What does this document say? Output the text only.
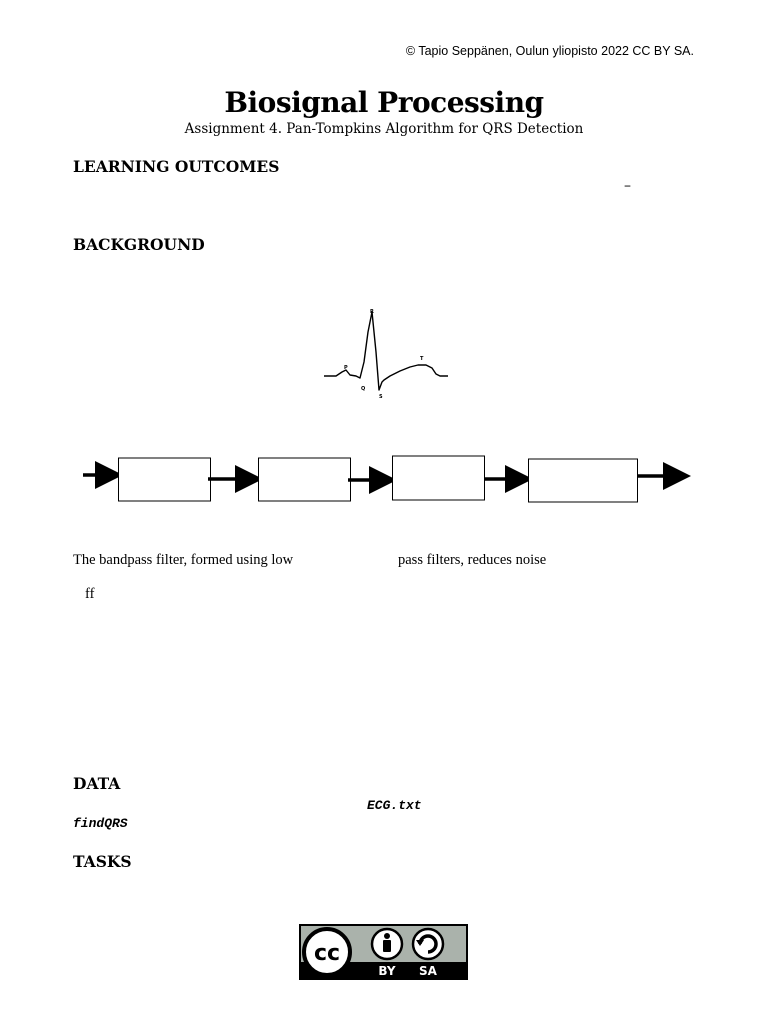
© Tapio Seppänen, Oulun yliopisto 2022 CC BY SA.
Biosignal Processing
Assignment 4. Pan-Tompkins Algorithm for QRS Detection
LEARNING OUTCOMES
–
BACKGROUND
R
P
Q
S
T
The bandpass filter, formed using low	pass filters, reduces noise
ff
DATA
ECG.txt
findQRS
TASKS
cc
BY SA
